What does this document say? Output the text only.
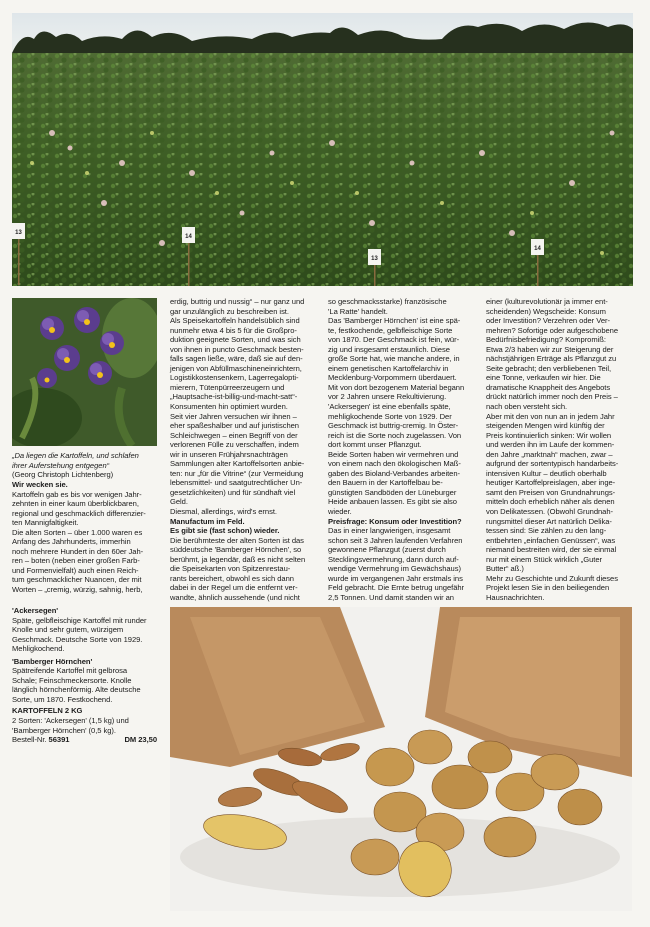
13
14
13
14
„Da liegen die Kartoffeln, und schlafen
ihrer Auferstehung entgegen“
(Georg Christoph Lichtenberg)
Wir wecken sie.
Kartoffeln gab es bis vor wenigen Jahr-
zehnten in einer kaum überblickbaren,
regional und geschmacklich differenzier-
ten Mannigfaltigkeit.
Die alten Sorten – über 1.000 waren es
Anfang des Jahrhunderts, immerhin
noch mehrere Hundert in den 60er Jah-
ren – boten (neben einer großen Farb-
und Formenvielfalt) auch einen Reich-
tum geschmacklicher Nuancen, der mit
Worten – „cremig, würzig, sahnig, herb,
erdig, buttrig und nussig“ – nur ganz und
gar unzulänglich zu beschreiben ist.
Als Speisekartoffeln handelsüblich sind
nunmehr etwa 4 bis 5 für die Großpro-
duktion geeignete Sorten, und was sich
von ihnen in puncto Geschmack besten-
falls sagen ließe, wäre, daß sie auf den-
jenigen von Abfüllmaschineneinrichtern,
Logistikkostensenkern, Lagerregalopti-
mierern, Tütenpürreerzeugern und
„Hauptsache-ist-billig-und-macht-satt“-
Konsumenten hin optimiert wurden.
Seit vier Jahren versuchen wir ihnen –
eher spaßeshalber und auf juristischen
Schleichwegen – einen Begriff von der
verlorenen Fülle zu verschaffen, indem
wir in unseren Frühjahrsnachträgen
Sammlungen alter Kartoffelsorten anbie-
ten: nur „für die Vitrine“ (zur Vermeidung
lebensmittel- und saatgutrechtlicher Un-
gesetzlichkeiten) und für sündhaft viel
Geld.
Diesmal, allerdings, wird's ernst.
Manufactum im Feld.
Es gibt sie (fast schon) wieder.
Die berühmteste der alten Sorten ist das
süddeutsche 'Bamberger Hörnchen', so
berühmt, ja legendär, daß es nicht selten
die Speisekarten von Spitzenrestau-
rants bereichert, obwohl es sich dann
dabei in der Regel um die entfernt ver-
wandte, ähnlich aussehende (und nicht
so geschmacksstarke) französische
'La Ratte' handelt.
Das 'Bamberger Hörnchen' ist eine spä-
te, festkochende, gelbfleischige Sorte
von 1870. Der Geschmack ist fein, wür-
zig und insgesamt erstaunlich. Diese
große Sorte hat, wie manche andere, in
einem genetischen Kartoffelarchiv in
Mecklenburg-Vorpommern überdauert.
Mit von dort bezogenem Material begann
vor 2 Jahren unsere Rekultivierung.
'Ackersegen' ist eine ebenfalls späte,
mehligkochende Sorte von 1929. Der
Geschmack ist buttrig-cremig. In Öster-
reich ist die Sorte noch zugelassen. Von
dort kommt unser Pflanzgut.
Beide Sorten haben wir vermehren und
von einem nach den ökologischen Maß-
gaben des Bioland-Verbandes arbeiten-
den Bauern in der Kartoffelbau be-
günstigten Sandböden der Lüneburger
Heide anbauen lassen. Es gibt sie also
wieder.
Preisfrage: Konsum oder Investition?
Das in einer langwierigen, insgesamt
schon seit 3 Jahren laufenden Verfahren
gewonnene Pflanzgut (zuerst durch
Stecklingsvermehrung, dann durch auf-
wendige Vermehrung im Gewächshaus)
wurde im vergangenen Jahr erstmals ins
Feld gebracht. Die Ernte betrug ungefähr
2,5 Tonnen. Und damit standen wir an
einer (kulturevolutionär ja immer ent-
scheidenden) Wegscheide: Konsum
oder Investition? Verzehren oder Ver-
mehren? Sofortige oder aufgeschobene
Bedürfnisbefriedigung? Kompromiß:
Etwa 2/3 haben wir zur Steigerung der
nächstjährigen Erträge als Pflanzgut zu
Seite gebracht; den verbliebenen Teil,
eine Tonne, verkaufen wir hier. Die
dramatische Knappheit des Angebots
drückt natürlich immer noch den Preis –
nach oben versteht sich.
Aber mit den von nun an in jedem Jahr
steigenden Mengen wird künftig der
Preis kontinuierlich sinken: Wir wollen
und werden ihn im Laufe der kommen-
den Jahre „marktnah“ machen, zwar –
aufgrund der sortentypisch handarbeits-
intensiven Kultur – deutlich oberhalb
heutiger Kartoffelpreislagen, aber inge-
samt den Preisen von Grundnahrungs-
mitteln doch erheblich näher als denen
von Delikatessen. (Obwohl Grundnah-
rungsmittel dieser Art natürlich Delika-
tessen sind: Sie zählen zu den lang-
entbehrten „einfachen Genüssen“, was
niemand bestreiten wird, der sie einmal
nur mit einem Stück wirklich „Guter
Butter“ aß.)
Mehr zu Geschichte und Zukunft dieses
Projekt lesen Sie in den beiliegenden
Hausnachrichten.
'Ackersegen'
Späte, gelbfleischige Kartoffel mit runder
Knolle und sehr gutem, würzigem
Geschmack. Deutsche Sorte von 1929.
Mehligkochend.
'Bamberger Hörnchen'
Spätreifende Kartoffel mit gelbrosa
Schale; Feinschmeckersorte. Knolle
länglich hörnchenförmig. Alte deutsche
Sorte, um 1870. Festkochend.
KARTOFFELN 2 KG
2 Sorten: 'Ackersegen' (1,5 kg) und
'Bamberger Hörnchen' (0,5 kg).
Bestell-Nr. 56391	DM 23,50
